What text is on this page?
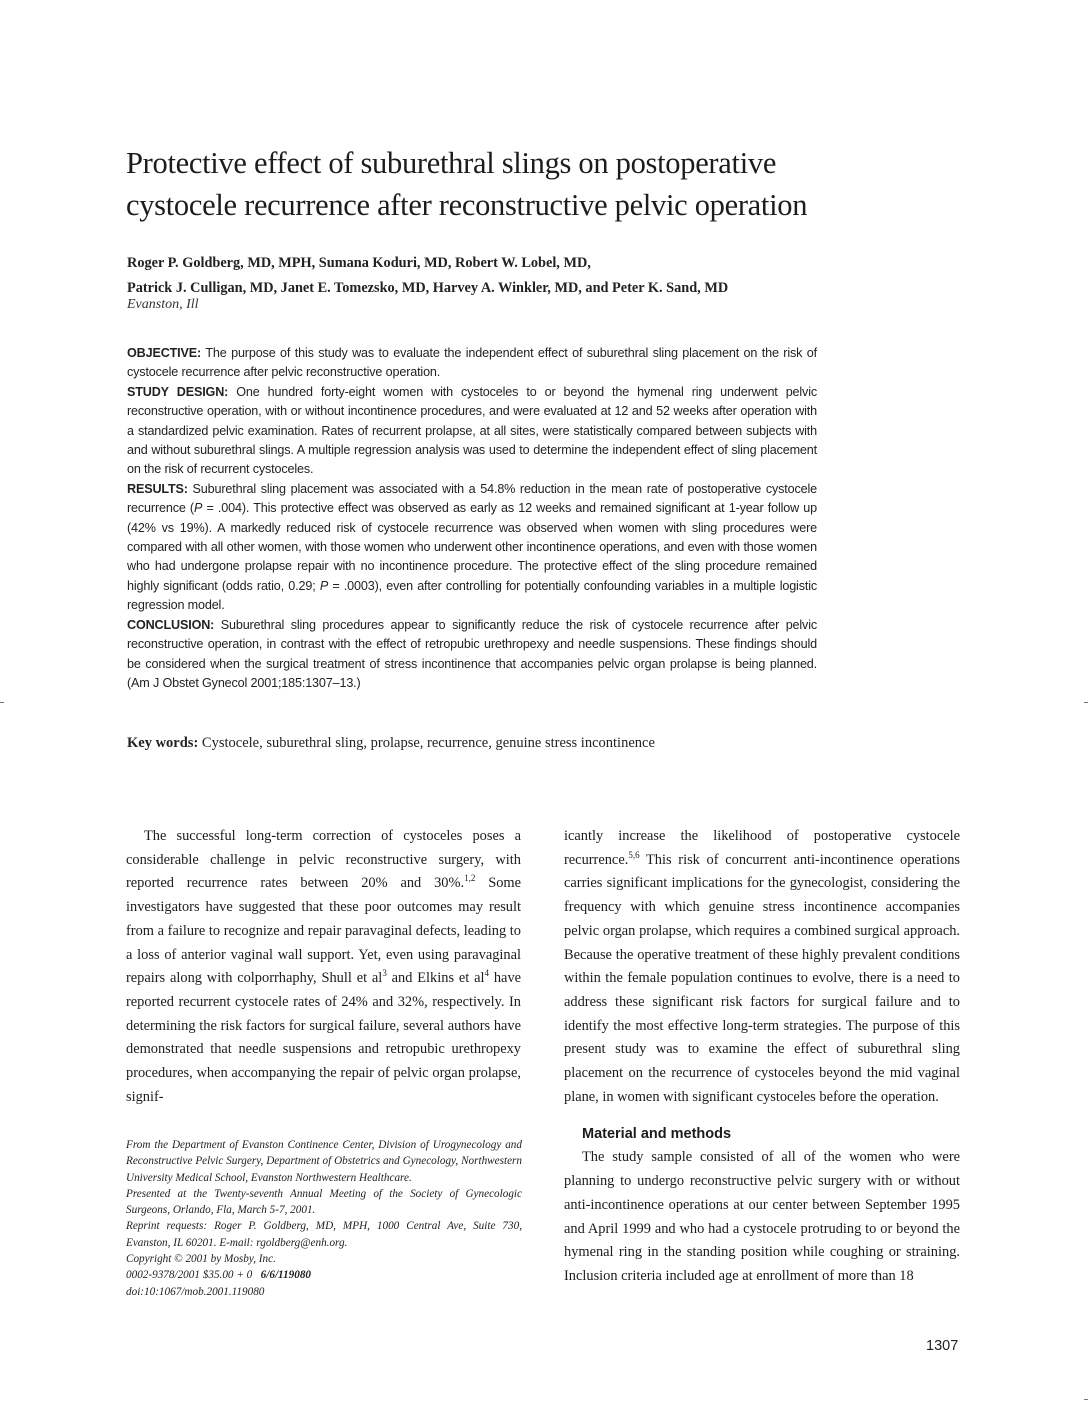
Protective effect of suburethral slings on postoperative
cystocele recurrence after reconstructive pelvic operation

Roger P. Goldberg, MD, MPH, Sumana Koduri, MD, Robert W. Lobel, MD,
Patrick J. Culligan, MD, Janet E. Tomezsko, MD, Harvey A. Winkler, MD, and Peter K. Sand, MD

Evanston, Ill

OBJECTIVE: The purpose of this study was to evaluate the independent effect of suburethral sling placement on the risk of cystocele recurrence after pelvic reconstructive operation.

STUDY DESIGN: One hundred forty-eight women with cystoceles to or beyond the hymenal ring underwent pelvic reconstructive operation, with or without incontinence procedures, and were evaluated at 12 and 52 weeks after operation with a standardized pelvic examination. Rates of recurrent prolapse, at all sites, were statistically compared between subjects with and without suburethral slings. A multiple regression analysis was used to determine the independent effect of sling placement on the risk of recurrent cystoceles.

RESULTS: Suburethral sling placement was associated with a 54.8% reduction in the mean rate of postoperative cystocele recurrence (P = .004). This protective effect was observed as early as 12 weeks and remained significant at 1-year follow up (42% vs 19%). A markedly reduced risk of cystocele recurrence was observed when women with sling procedures were compared with all other women, with those women who underwent other incontinence operations, and even with those women who had undergone prolapse repair with no incontinence procedure. The protective effect of the sling procedure remained highly significant (odds ratio, 0.29; P = .0003), even after controlling for potentially confounding variables in a multiple logistic regression model.

CONCLUSION: Suburethral sling procedures appear to significantly reduce the risk of cystocele recurrence after pelvic reconstructive operation, in contrast with the effect of retropubic urethropexy and needle suspensions. These findings should be considered when the surgical treatment of stress incontinence that accompanies pelvic organ prolapse is being planned. (Am J Obstet Gynecol 2001;185:1307–13.)

Key words: Cystocele, suburethral sling, prolapse, recurrence, genuine stress incontinence

The successful long-term correction of cystoceles poses a considerable challenge in pelvic reconstructive surgery, with reported recurrence rates between 20% and 30%.$^{1,2}$ Some investigators have suggested that these poor outcomes may result from a failure to recognize and repair paravaginal defects, leading to a loss of anterior vaginal wall support. Yet, even using paravaginal repairs along with colporrhaphy, Shull et $al^3$ and Elkins et $al^4$ have reported recurrent cystocele rates of 24% and 32%, respectively. In determining the risk factors for surgical failure, several authors have demonstrated that needle suspensions and retropubic urethropexy procedures, when accompanying the repair of pelvic organ prolapse, signif-

From the Department of Evanston Continence Center, Division of Urogynecology and Reconstructive Pelvic Surgery, Department of Obstetrics and Gynecology, Northwestern University Medical School, Evanston Northwestern Healthcare.

Presented at the Twenty-seventh Annual Meeting of the Society of Gynecologic Surgeons, Orlando, Fla, March 5-7, 2001.

Reprint requests: Roger P. Goldberg, MD, MPH, 1000 Central Ave, Suite 730, Evanston, IL 60201. E-mail: rgoldberg@enh.org.

Copyright © 2001 by Mosby, Inc.

0002-9378/2001 $35.00 + 0   6/6/119080

doi:10:1067/mob.2001.119080

icantly increase the likelihood of postoperative cystocele recurrence.$^{5,6}$ This risk of concurrent anti-incontinence operations carries significant implications for the gynecologist, considering the frequency with which genuine stress incontinence accompanies pelvic organ prolapse, which requires a combined surgical approach. Because the operative treatment of these highly prevalent conditions within the female population continues to evolve, there is a need to address these significant risk factors for surgical failure and to identify the most effective long-term strategies. The purpose of this present study was to examine the effect of suburethral sling placement on the recurrence of cystoceles beyond the mid vaginal plane, in women with significant cystoceles before the operation.

Material and methods

The study sample consisted of all of the women who were planning to undergo reconstructive pelvic surgery with or without anti-incontinence operations at our center between September 1995 and April 1999 and who had a cystocele protruding to or beyond the hymenal ring in the standing position while coughing or straining. Inclusion criteria included age at enrollment of more than 18

1307
